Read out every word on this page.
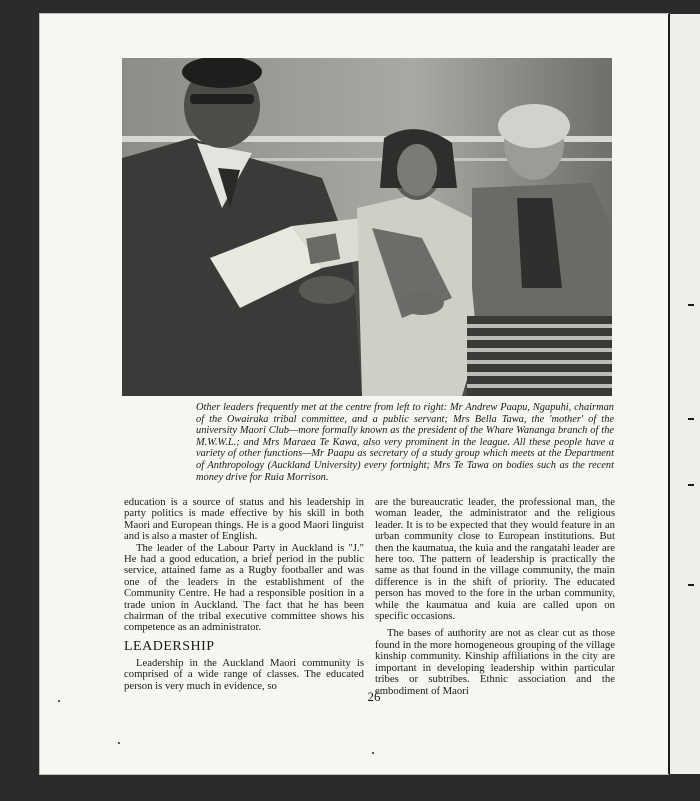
Other leaders frequently met at the centre from left to right: Mr Andrew Paapu, Ngapuhi, chairman of the Owairaka tribal committee, and a public servant; Mrs Bella Tawa, the 'mother' of the university Maori Club—more formally known as the president of the Whare Wananga branch of the M.W.W.L.; and Mrs Maraea Te Kawa, also very prominent in the league. All these people have a variety of other functions—Mr Paapu as secretary of a study group which meets at the Department of Anthropology (Auckland University) every fortnight; Mrs Te Tawa on bodies such as the recent money drive for Ruia Morrison.

education is a source of status and his leadership in party politics is made effective by his skill in both Maori and European things. He is a good Maori linguist and is also a master of English.

The leader of the Labour Party in Auckland is "J." He had a good education, a brief period in the public service, attained fame as a Rugby footballer and was one of the leaders in the establishment of the Community Centre. He had a responsible position in a trade union in Auckland. The fact that he has been chairman of the tribal executive committee shows his competence as an administrator.

LEADERSHIP

Leadership in the Auckland Maori community is comprised of a wide range of classes. The educated person is very much in evidence, so

are the bureaucratic leader, the professional man, the woman leader, the administrator and the religious leader. It is to be expected that they would feature in an urban community close to European institutions. But then the kaumatua, the kuia and the rangatahi leader are here too. The pattern of leadership is practically the same as that found in the village community, the main difference is in the shift of priority. The educated person has moved to the fore in the urban community, while the kaumatua and kuia are called upon on specific occasions.

The bases of authority are not as clear cut as those found in the more homogeneous grouping of the village kinship community. Kinship affiliations in the city are important in developing leadership within particular tribes or subtribes. Ethnic association and the embodiment of Maori

26
